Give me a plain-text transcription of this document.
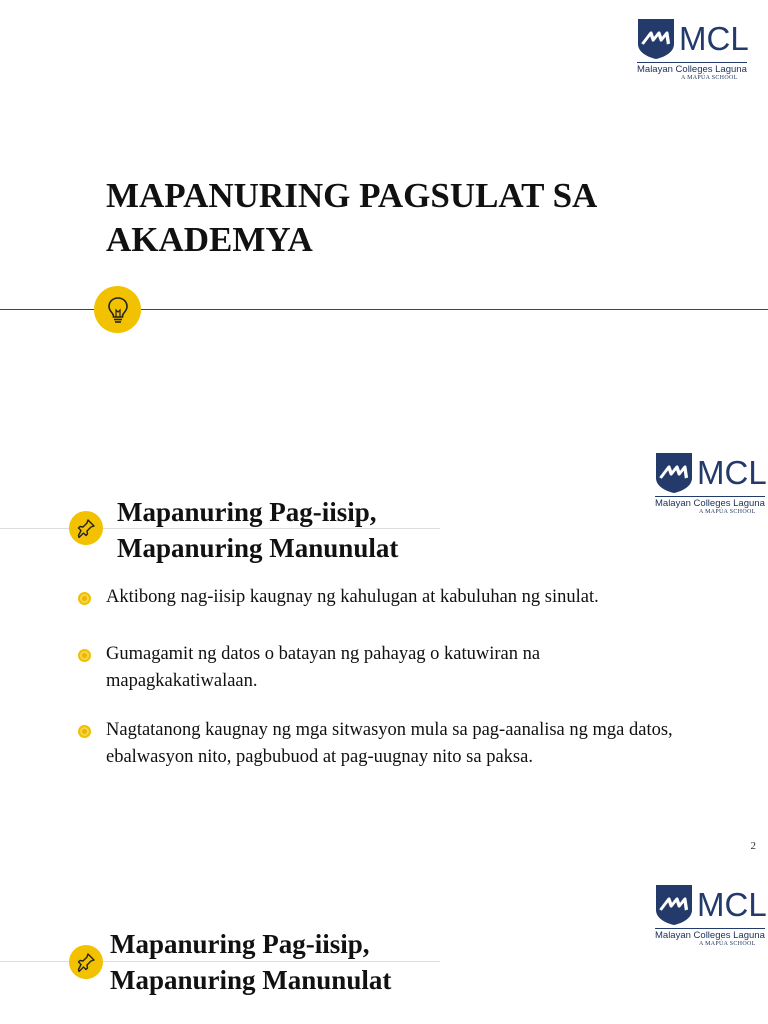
MCL
Malayan Colleges Laguna
A MAPÚA SCHOOL
MAPANURING PAGSULAT SA AKADEMYA
MCL
Malayan Colleges Laguna
A MAPÚA SCHOOL
Mapanuring Pag-iisip,
Mapanuring Manunulat
Aktibong nag-iisip kaugnay ng kahulugan at kabuluhan ng sinulat.
Gumagamit ng datos o batayan ng pahayag o katuwiran na mapagkakatiwalaan.
Nagtatanong kaugnay ng mga sitwasyon mula sa pag-aanalisa ng mga datos, ebalwasyon nito, pagbubuod at pag-uugnay nito sa paksa.
2
MCL
Malayan Colleges Laguna
A MAPÚA SCHOOL
Mapanuring Pag-iisip,
Mapanuring Manunulat
